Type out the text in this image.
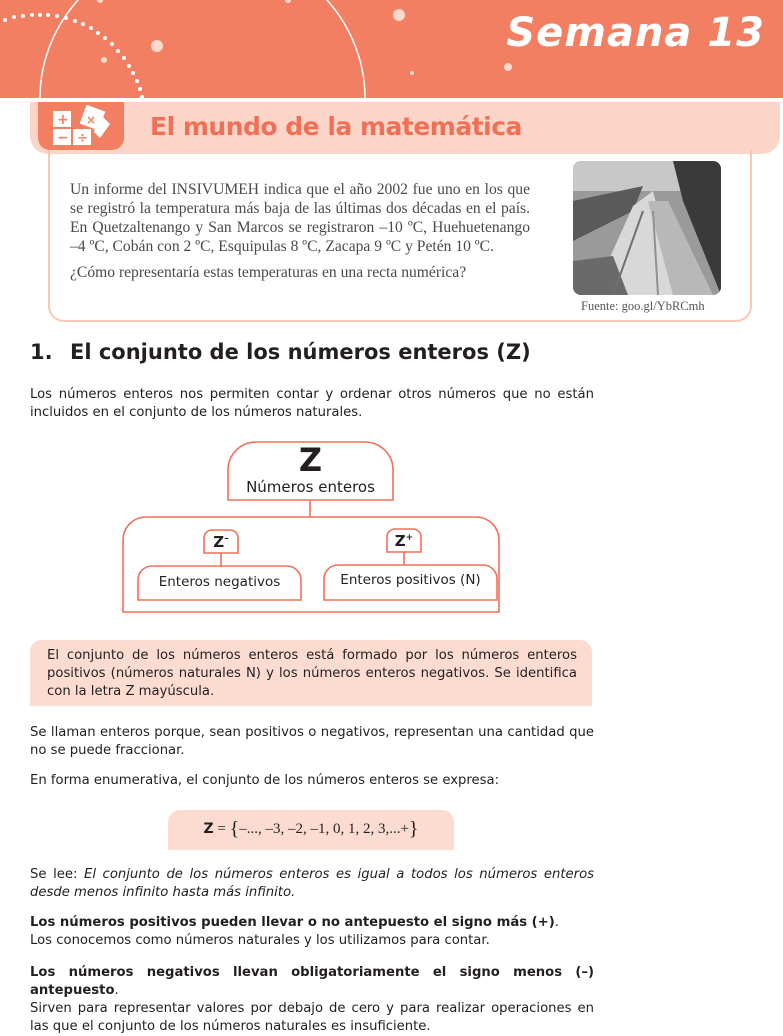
Semana 13
+
− ÷
× El mundo de la matemática

Un informe del INSIVUMEH indica que el año 2002 fue uno en los que se registró la temperatura más baja de las últimas dos décadas en el país. En Quetzaltenango y San Marcos se registraron –10 ºC, Huehuetenango –4 ºC, Cobán con 2 ºC, Esquipulas 8 ºC, Zacapa 9 ºC y Petén 10 ºC.

¿Cómo representaría estas temperaturas en una recta numérica?

Fuente: goo.gl/YbRCmh
1. El conjunto de los números enteros (Z)

Los números enteros nos permiten contar y ordenar otros números que no están incluidos en el conjunto de los números naturales.

Z
Números enteros
Z–
Enteros negativos
Z+
Enteros positivos (N)
El conjunto de los números enteros está formado por los números enteros positivos (números naturales N) y los números enteros negativos. Se identifica con la letra Z mayúscula.

Se llaman enteros porque, sean positivos o negativos, representan una cantidad que no se puede fraccionar.

En forma enumerativa, el conjunto de los números enteros se expresa:

Z = {–..., –3, –2, –1, 0, 1, 2, 3,...+}

Se lee: El conjunto de los números enteros es igual a todos los números enteros desde menos infinito hasta más infinito.

Los números positivos pueden llevar o no antepuesto el signo más (+).

Los conocemos como números naturales y los utilizamos para contar.

Los números negativos llevan obligatoriamente el signo menos (–) antepuesto.

Sirven para representar valores por debajo de cero y para realizar operaciones en las que el conjunto de los números naturales es insuficiente.
